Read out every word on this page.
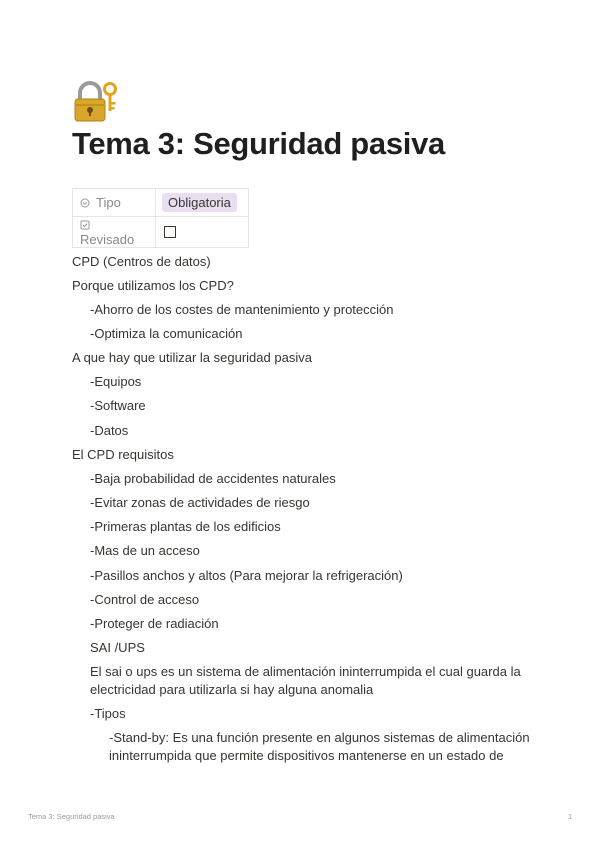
Tema 3: Seguridad pasiva
Tipo	Obligatoria
Revisado	
CPD (Centros de datos)
Porque utilizamos los CPD?
-Ahorro de los costes de mantenimiento y protección
-Optimiza la comunicación
A que hay que utilizar la seguridad pasiva
-Equipos
-Software
-Datos
El CPD requisitos
-Baja probabilidad de accidentes naturales
-Evitar zonas de actividades de riesgo
-Primeras plantas de los edificios
-Mas de un acceso
-Pasillos anchos y altos (Para mejorar la refrigeración)
-Control de acceso
-Proteger de radiación
SAI /UPS
El sai o ups es un sistema de alimentación ininterrumpida el cual guarda la electricidad para utilizarla si hay alguna anomalia
-Tipos
-Stand-by: Es una función presente en algunos sistemas de alimentación ininterrumpida que permite dispositivos mantenerse en un estado de
Tema 3: Seguridad pasiva	1
